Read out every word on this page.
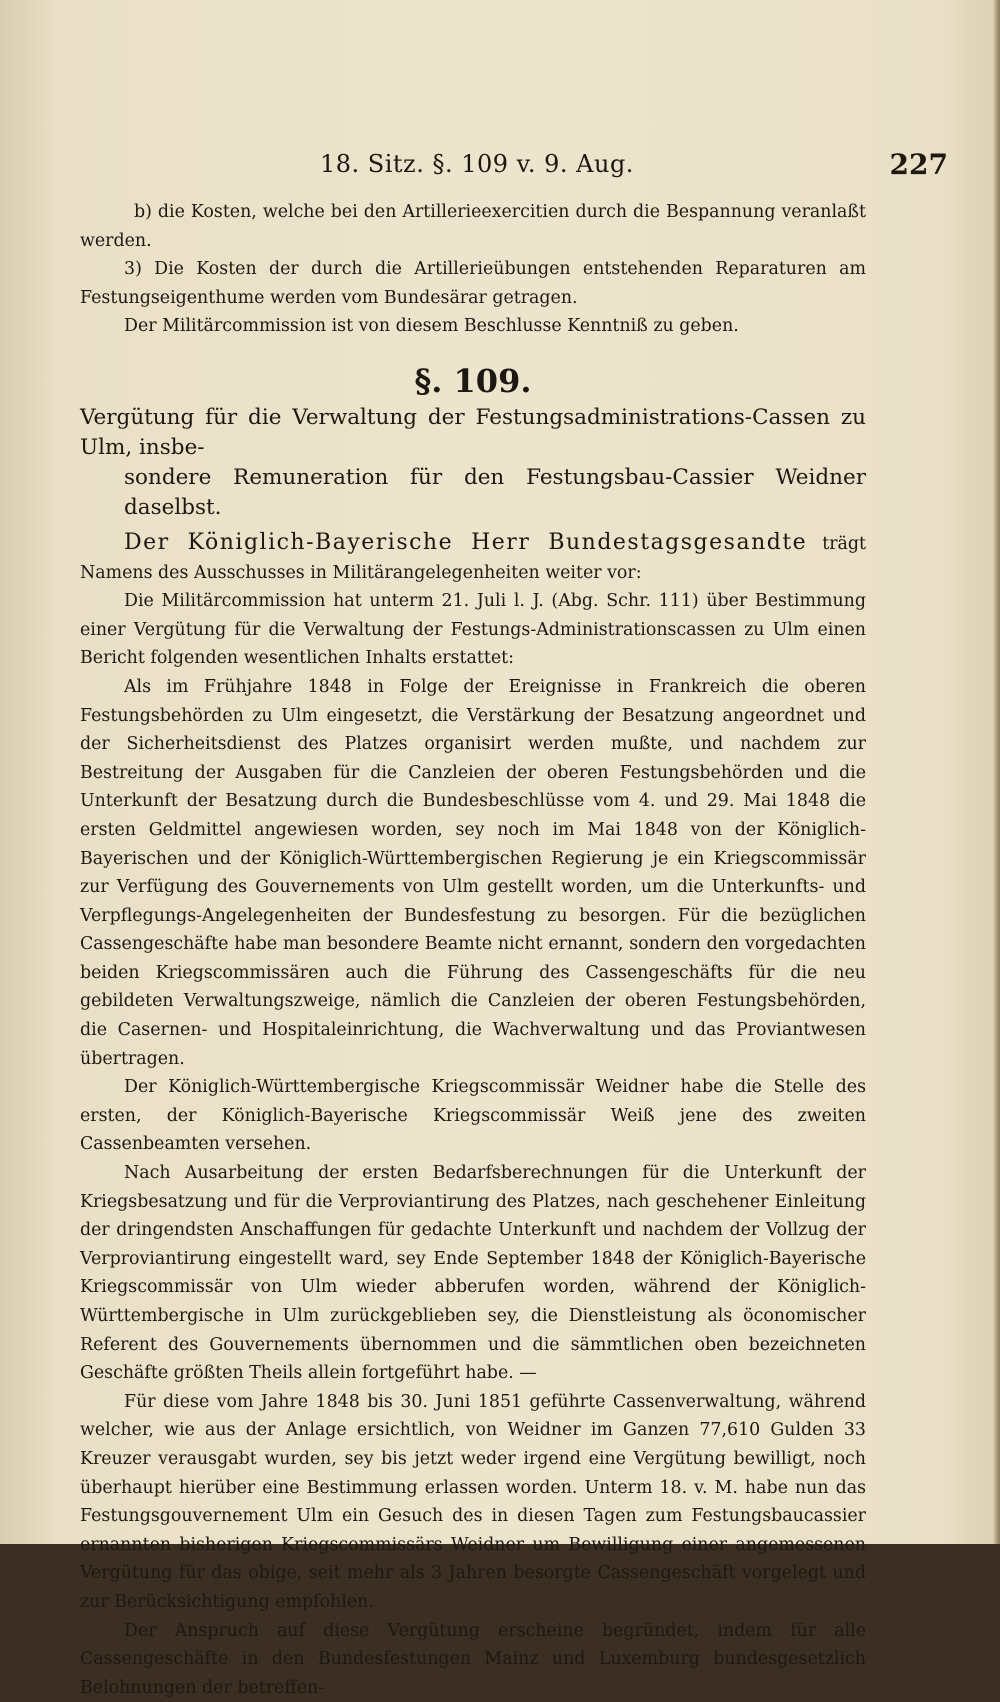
18. Sitz. §. 109 v. 9. Aug.	227

b) die Kosten, welche bei den Artillerieexercitien durch die Bespannung veranlaßt werden.

3) Die Kosten der durch die Artillerieübungen entstehenden Reparaturen am Festungseigenthume werden vom Bundesärar getragen.

Der Militärcommission ist von diesem Beschlusse Kenntniß zu geben.

§. 109.
Vergütung für die Verwaltung der Festungsadministrations-Cassen zu Ulm, insbe-
sondere Remuneration für den Festungsbau-Cassier Weidner daselbst.

Der Königlich-Bayerische Herr Bundestagsgesandte trägt Namens des Ausschusses in Militärangelegenheiten weiter vor:

Die Militärcommission hat unterm 21. Juli l. J. (Abg. Schr. 111) über Bestimmung einer Vergütung für die Verwaltung der Festungs-Administrationscassen zu Ulm einen Bericht folgenden wesentlichen Inhalts erstattet:

Als im Frühjahre 1848 in Folge der Ereignisse in Frankreich die oberen Festungsbehörden zu Ulm eingesetzt, die Verstärkung der Besatzung angeordnet und der Sicherheitsdienst des Platzes organisirt werden mußte, und nachdem zur Bestreitung der Ausgaben für die Canzleien der oberen Festungsbehörden und die Unterkunft der Besatzung durch die Bundesbeschlüsse vom 4. und 29. Mai 1848 die ersten Geldmittel angewiesen worden, sey noch im Mai 1848 von der Königlich-Bayerischen und der Königlich-Württembergischen Regierung je ein Kriegscommissär zur Verfügung des Gouvernements von Ulm gestellt worden, um die Unterkunfts- und Verpflegungs-Angelegenheiten der Bundesfestung zu besorgen. Für die bezüglichen Cassengeschäfte habe man besondere Beamte nicht ernannt, sondern den vorgedachten beiden Kriegscommissären auch die Führung des Cassengeschäfts für die neu gebildeten Verwaltungszweige, nämlich die Canzleien der oberen Festungsbehörden, die Casernen- und Hospitaleinrichtung, die Wachverwaltung und das Proviantwesen übertragen.

Der Königlich-Württembergische Kriegscommissär Weidner habe die Stelle des ersten, der Königlich-Bayerische Kriegscommissär Weiß jene des zweiten Cassenbeamten versehen.

Nach Ausarbeitung der ersten Bedarfsberechnungen für die Unterkunft der Kriegsbesatzung und für die Verproviantirung des Platzes, nach geschehener Einleitung der dringendsten Anschaffungen für gedachte Unterkunft und nachdem der Vollzug der Verproviantirung eingestellt ward, sey Ende September 1848 der Königlich-Bayerische Kriegscommissär von Ulm wieder abberufen worden, während der Königlich-Württembergische in Ulm zurückgeblieben sey, die Dienstleistung als öconomischer Referent des Gouvernements übernommen und die sämmtlichen oben bezeichneten Geschäfte größten Theils allein fortgeführt habe. —

Für diese vom Jahre 1848 bis 30. Juni 1851 geführte Cassenverwaltung, während welcher, wie aus der Anlage ersichtlich, von Weidner im Ganzen 77,610 Gulden 33 Kreuzer verausgabt wurden, sey bis jetzt weder irgend eine Vergütung bewilligt, noch überhaupt hierüber eine Bestimmung erlassen worden. Unterm 18. v. M. habe nun das Festungsgouvernement Ulm ein Gesuch des in diesen Tagen zum Festungsbaucassier ernannten bisherigen Kriegscommissärs Weidner um Bewilligung einer angemessenen Vergütung für das obige, seit mehr als 3 Jahren besorgte Cassengeschäft vorgelegt und zur Berücksichtigung empfohlen.

Der Anspruch auf diese Vergütung erscheine begründet, indem für alle Cassengeschäfte in den Bundesfestungen Mainz und Luxemburg bundesgesetzlich Belohnungen der betreffen-
